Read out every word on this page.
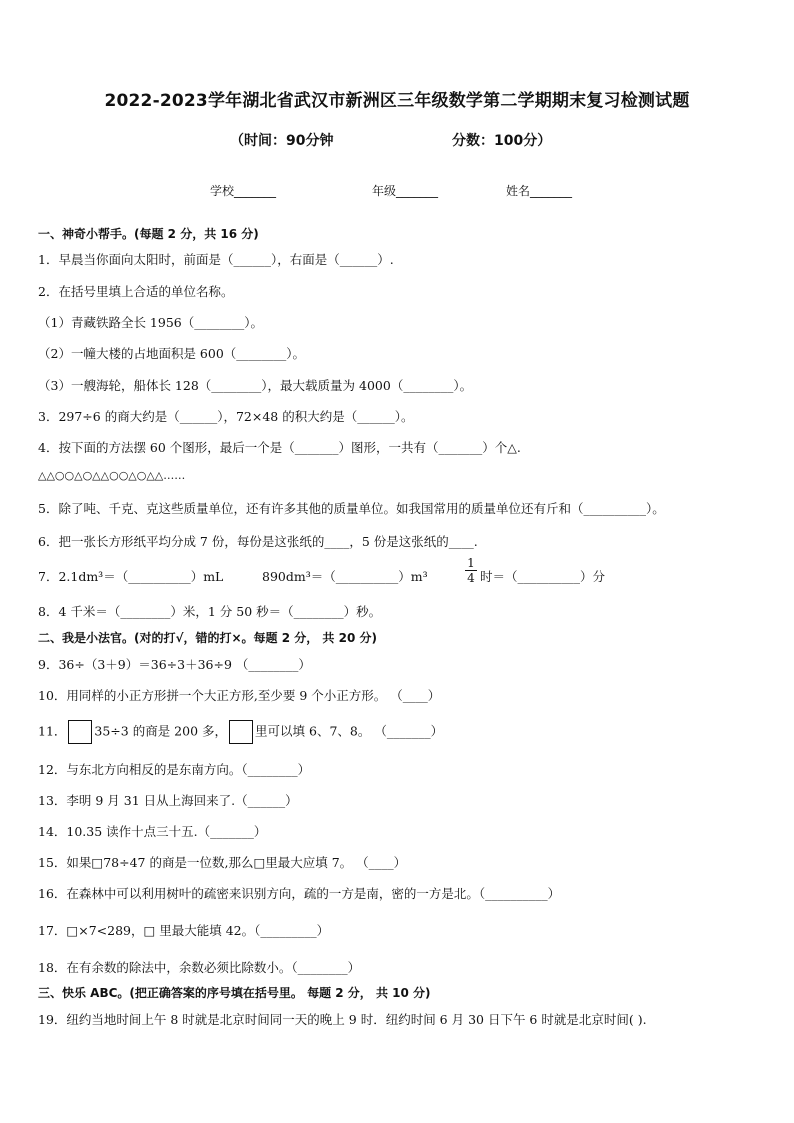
2022-2023学年湖北省武汉市新洲区三年级数学第二学期期末复习检测试题
（时间：90分钟	分数：100分）
学校_______	年级_______	姓名_______
一、神奇小帮手。(每题 2 分，共 16 分)
1．早晨当你面向太阳时，前面是（______），右面是（______）.
2．在括号里填上合适的单位名称。
（1）青藏铁路全长 1956（________）。
（2）一幢大楼的占地面积是 600（________）。
（3）一艘海轮，船体长 128（________），最大载质量为 4000（________）。
3．297÷6 的商大约是（______），72×48 的积大约是（______）。
4．按下面的方法摆 60 个图形，最后一个是（_______）图形，一共有（_______）个△.
△△○○△○△△○○△○△△……
5．除了吨、千克、克这些质量单位，还有许多其他的质量单位。如我国常用的质量单位还有斤和（__________）。
6．把一张长方形纸平均分成 7 份，每份是这张纸的____，5 份是这张纸的____.
7．2.1dm³＝（__________）mL	890dm³＝（__________）m³	$\frac{1}{4}$ 时＝（__________）分
8．4 千米＝（________）米，1 分 50 秒＝（________）秒。
二、我是小法官。(对的打√，错的打×。每题 2 分， 共 20 分)
9．36÷（3＋9）＝36÷3＋36÷9 （________）
10．用同样的小正方形拼一个大正方形,至少要 9 个小正方形。 （____）
11． 35÷3 的商是 200 多， 里可以填 6、7、8。 （_______）
12．与东北方向相反的是东南方向。（________）
13．李明 9 月 31 日从上海回来了.（______）
14．10.35 读作十点三十五.（_______）
15．如果□78÷47 的商是一位数,那么□里最大应填 7。 （____）
16．在森林中可以利用树叶的疏密来识别方向，疏的一方是南，密的一方是北。（__________）
17．□×7<289，□ 里最大能填 42。（_________）
18．在有余数的除法中，余数必须比除数小。（________）
三、快乐 ABC。(把正确答案的序号填在括号里。 每题 2 分， 共 10 分)
19．纽约当地时间上午 8 时就是北京时间同一天的晚上 9 时．纽约时间 6 月 30 日下午 6 时就是北京时间( ).
